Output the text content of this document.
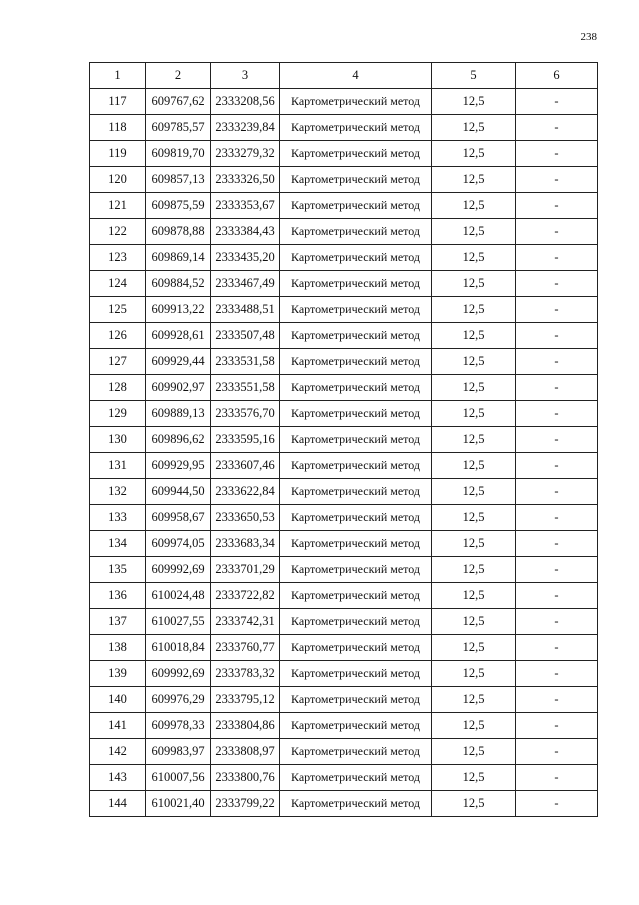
238
1	2	3	4	5	6
117	609767,62	2333208,56	Картометрический метод	12,5	-
118	609785,57	2333239,84	Картометрический метод	12,5	-
119	609819,70	2333279,32	Картометрический метод	12,5	-
120	609857,13	2333326,50	Картометрический метод	12,5	-
121	609875,59	2333353,67	Картометрический метод	12,5	-
122	609878,88	2333384,43	Картометрический метод	12,5	-
123	609869,14	2333435,20	Картометрический метод	12,5	-
124	609884,52	2333467,49	Картометрический метод	12,5	-
125	609913,22	2333488,51	Картометрический метод	12,5	-
126	609928,61	2333507,48	Картометрический метод	12,5	-
127	609929,44	2333531,58	Картометрический метод	12,5	-
128	609902,97	2333551,58	Картометрический метод	12,5	-
129	609889,13	2333576,70	Картометрический метод	12,5	-
130	609896,62	2333595,16	Картометрический метод	12,5	-
131	609929,95	2333607,46	Картометрический метод	12,5	-
132	609944,50	2333622,84	Картометрический метод	12,5	-
133	609958,67	2333650,53	Картометрический метод	12,5	-
134	609974,05	2333683,34	Картометрический метод	12,5	-
135	609992,69	2333701,29	Картометрический метод	12,5	-
136	610024,48	2333722,82	Картометрический метод	12,5	-
137	610027,55	2333742,31	Картометрический метод	12,5	-
138	610018,84	2333760,77	Картометрический метод	12,5	-
139	609992,69	2333783,32	Картометрический метод	12,5	-
140	609976,29	2333795,12	Картометрический метод	12,5	-
141	609978,33	2333804,86	Картометрический метод	12,5	-
142	609983,97	2333808,97	Картометрический метод	12,5	-
143	610007,56	2333800,76	Картометрический метод	12,5	-
144	610021,40	2333799,22	Картометрический метод	12,5	-
